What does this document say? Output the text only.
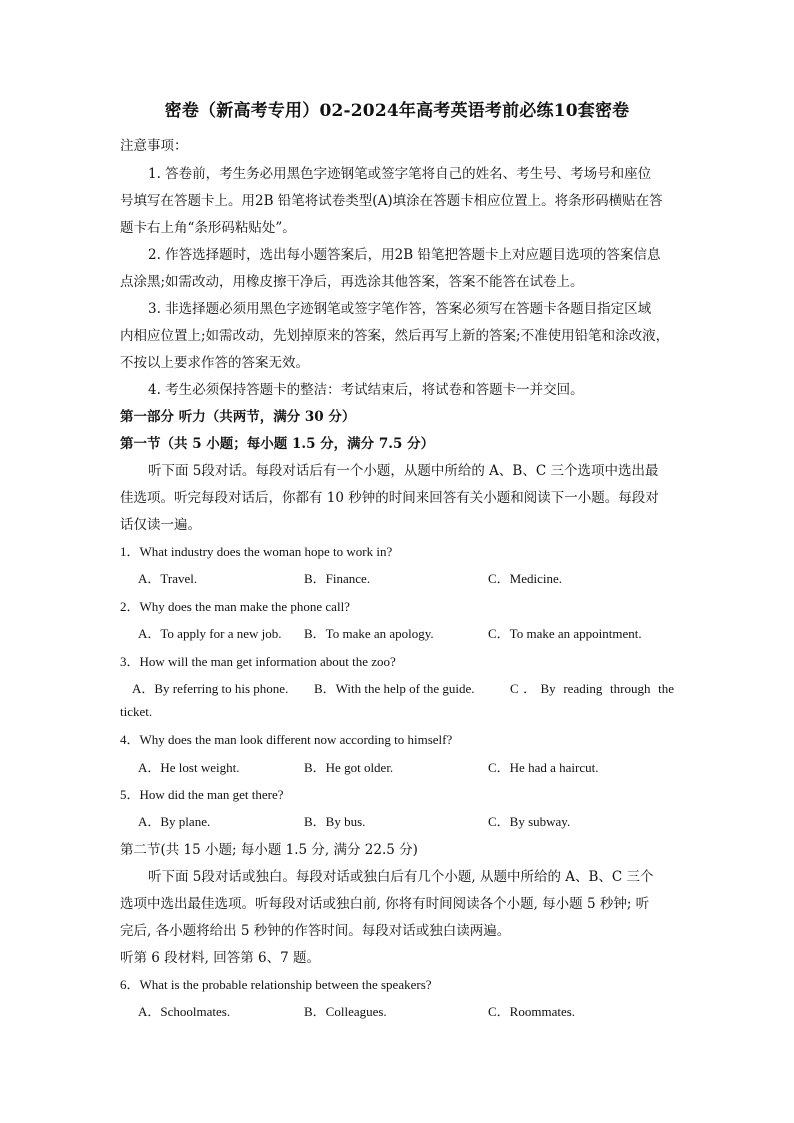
密卷（新高考专用）02-2024年高考英语考前必练10套密卷
注意事项：
1. 答卷前，考生务必用黑色字迹钢笔或签字笔将自己的姓名、考生号、考场号和座位
号填写在答题卡上。用2B 铅笔将试卷类型(A)填涂在答题卡相应位置上。将条形码横贴在答
题卡右上角“条形码粘贴处”。
2. 作答选择题时，选出每小题答案后，用2B 铅笔把答题卡上对应题目选项的答案信息
点涂黑;如需改动，用橡皮擦干净后，再选涂其他答案，答案不能答在试卷上。
3. 非选择题必须用黑色字迹钢笔或签字笔作答，答案必须写在答题卡各题目指定区域
内相应位置上;如需改动，先划掉原来的答案，然后再写上新的答案;不准使用铅笔和涂改液，
不按以上要求作答的答案无效。
4. 考生必须保持答题卡的整洁：考试结束后，将试卷和答题卡一并交回。
第一部分 听力（共两节，满分 30 分）
第一节（共 5 小题；每小题 1.5 分，满分 7.5 分）
听下面 5段对话。每段对话后有一个小题，从题中所给的 A、B、C 三个选项中选出最
佳选项。听完每段对话后，你都有 10 秒钟的时间来回答有关小题和阅读下一小题。每段对
话仅读一遍。
1．What industry does the woman hope to work in?
A．Travel.	B．Finance.	C．Medicine.
2．Why does the man make the phone call?
A．To apply for a new job. B．To make an apology.	C．To make an appointment.
3．How will the man get information about the zoo?
A．By referring to his phone. B．With the help of the guide.	C．By reading through the
ticket.
4．Why does the man look different now according to himself?
A．He lost weight.	B．He got older.	C．He had a haircut.
5．How did the man get there?
A．By plane.	B．By bus.	C．By subway.
第二节(共 15 小题; 每小题 1.5 分, 满分 22.5 分)
听下面 5段对话或独白。每段对话或独白后有几个小题, 从题中所给的 A、B、C 三个
选项中选出最佳选项。听每段对话或独白前, 你将有时间阅读各个小题, 每小题 5 秒钟; 听
完后, 各小题将给出 5 秒钟的作答时间。每段对话或独白读两遍。
听第 6 段材料, 回答第 6、7 题。
6．What is the probable relationship between the speakers?
A．Schoolmates.	B．Colleagues.	C．Roommates.
